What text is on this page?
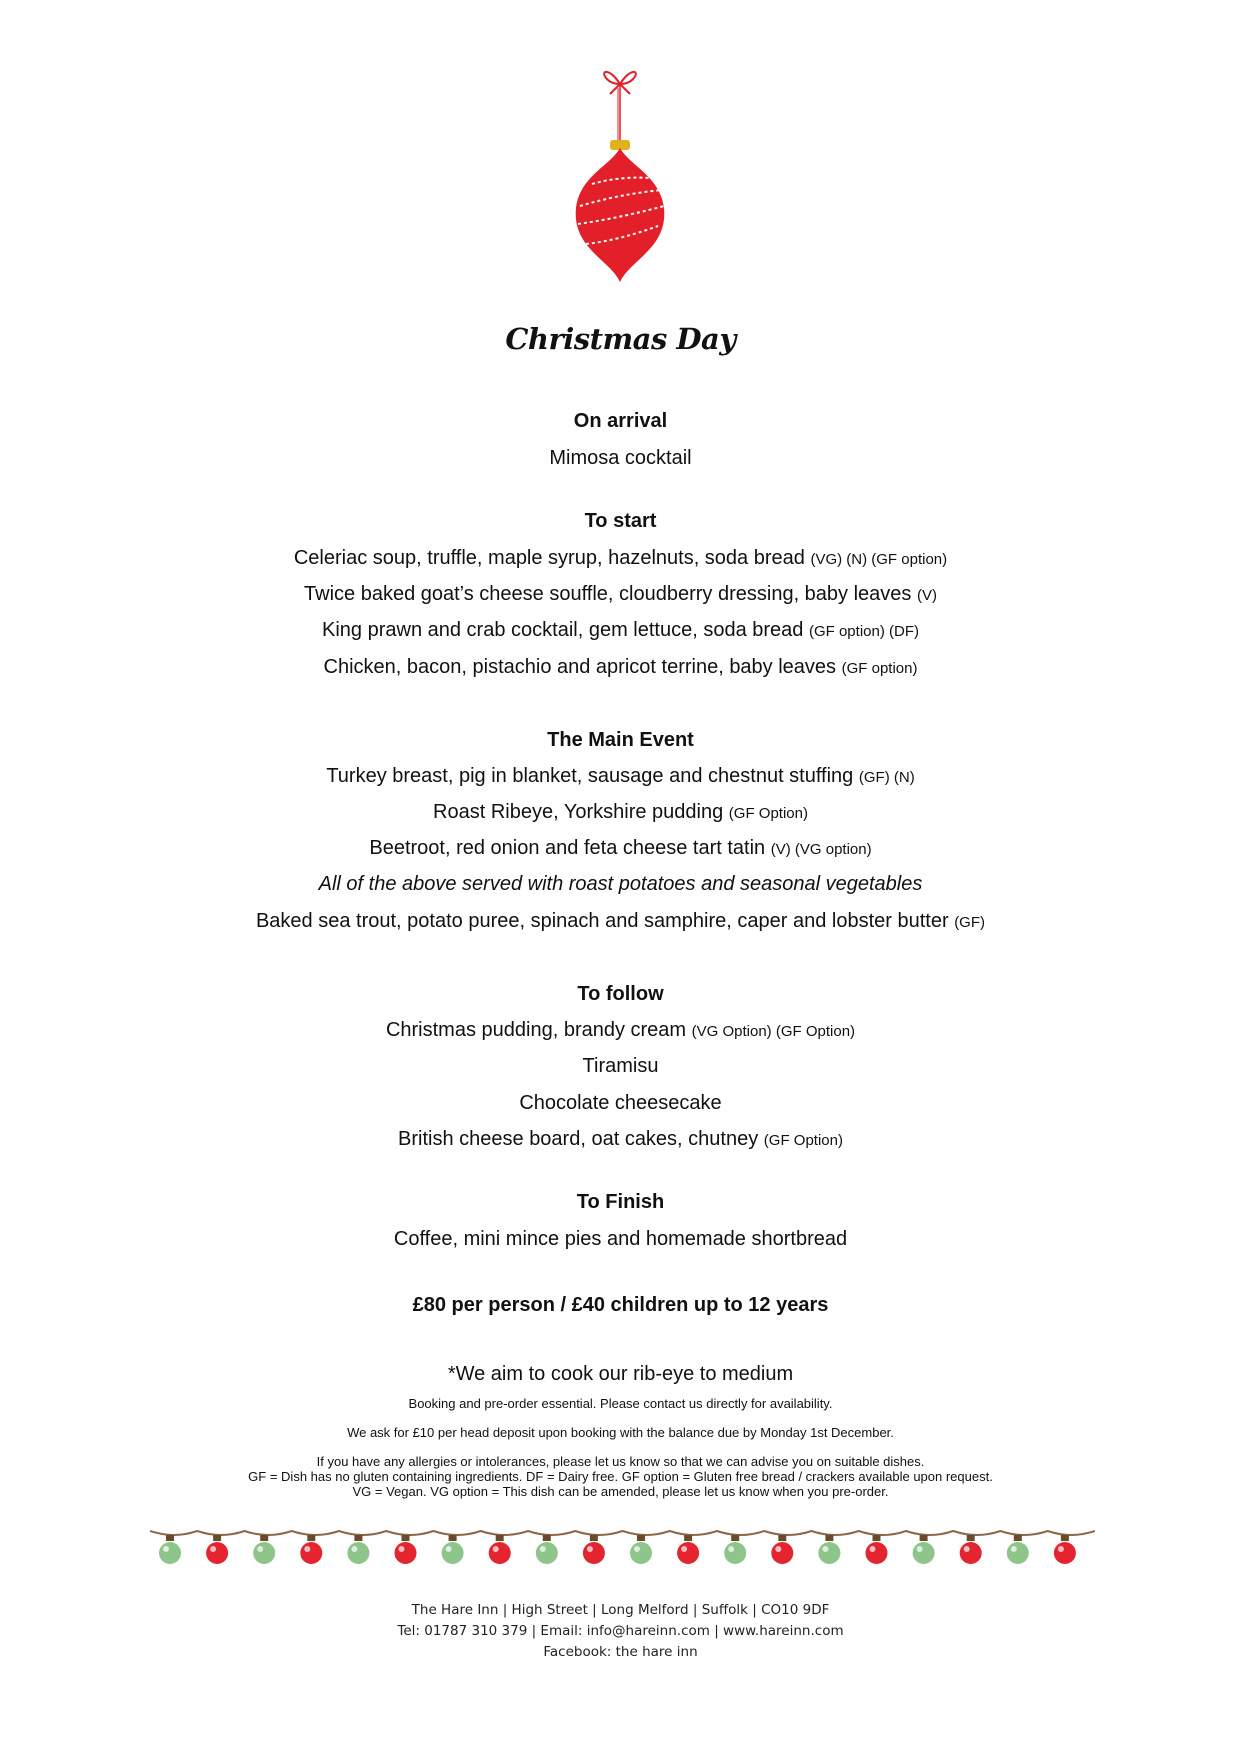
Christmas Day
On arrival
Mimosa cocktail
To start
Celeriac soup, truffle, maple syrup, hazelnuts, soda bread (VG) (N) (GF option)
Twice baked goat’s cheese souffle, cloudberry dressing, baby leaves (V)
King prawn and crab cocktail, gem lettuce, soda bread (GF option) (DF)
Chicken, bacon, pistachio and apricot terrine, baby leaves (GF option)
The Main Event
Turkey breast, pig in blanket, sausage and chestnut stuffing (GF) (N)
Roast Ribeye, Yorkshire pudding (GF Option)
Beetroot, red onion and feta cheese tart tatin (V) (VG option)
All of the above served with roast potatoes and seasonal vegetables
Baked sea trout, potato puree, spinach and samphire, caper and lobster butter (GF)
To follow
Christmas pudding, brandy cream (VG Option) (GF Option)
Tiramisu
Chocolate cheesecake
British cheese board, oat cakes, chutney (GF Option)
To Finish
Coffee, mini mince pies and homemade shortbread
£80 per person / £40 children up to 12 years
*We aim to cook our rib-eye to medium
Booking and pre-order essential. Please contact us directly for availability.
We ask for £10 per head deposit upon booking with the balance due by Monday 1st December.
If you have any allergies or intolerances, please let us know so that we can advise you on suitable dishes.
GF = Dish has no gluten containing ingredients. DF = Dairy free. GF option = Gluten free bread / crackers available upon request.
VG = Vegan. VG option = This dish can be amended, please let us know when you pre-order.
The Hare Inn | High Street | Long Melford | Suffolk | CO10 9DF
Tel: 01787 310 379 | Email: info@hareinn.com | www.hareinn.com
Facebook: the hare inn
